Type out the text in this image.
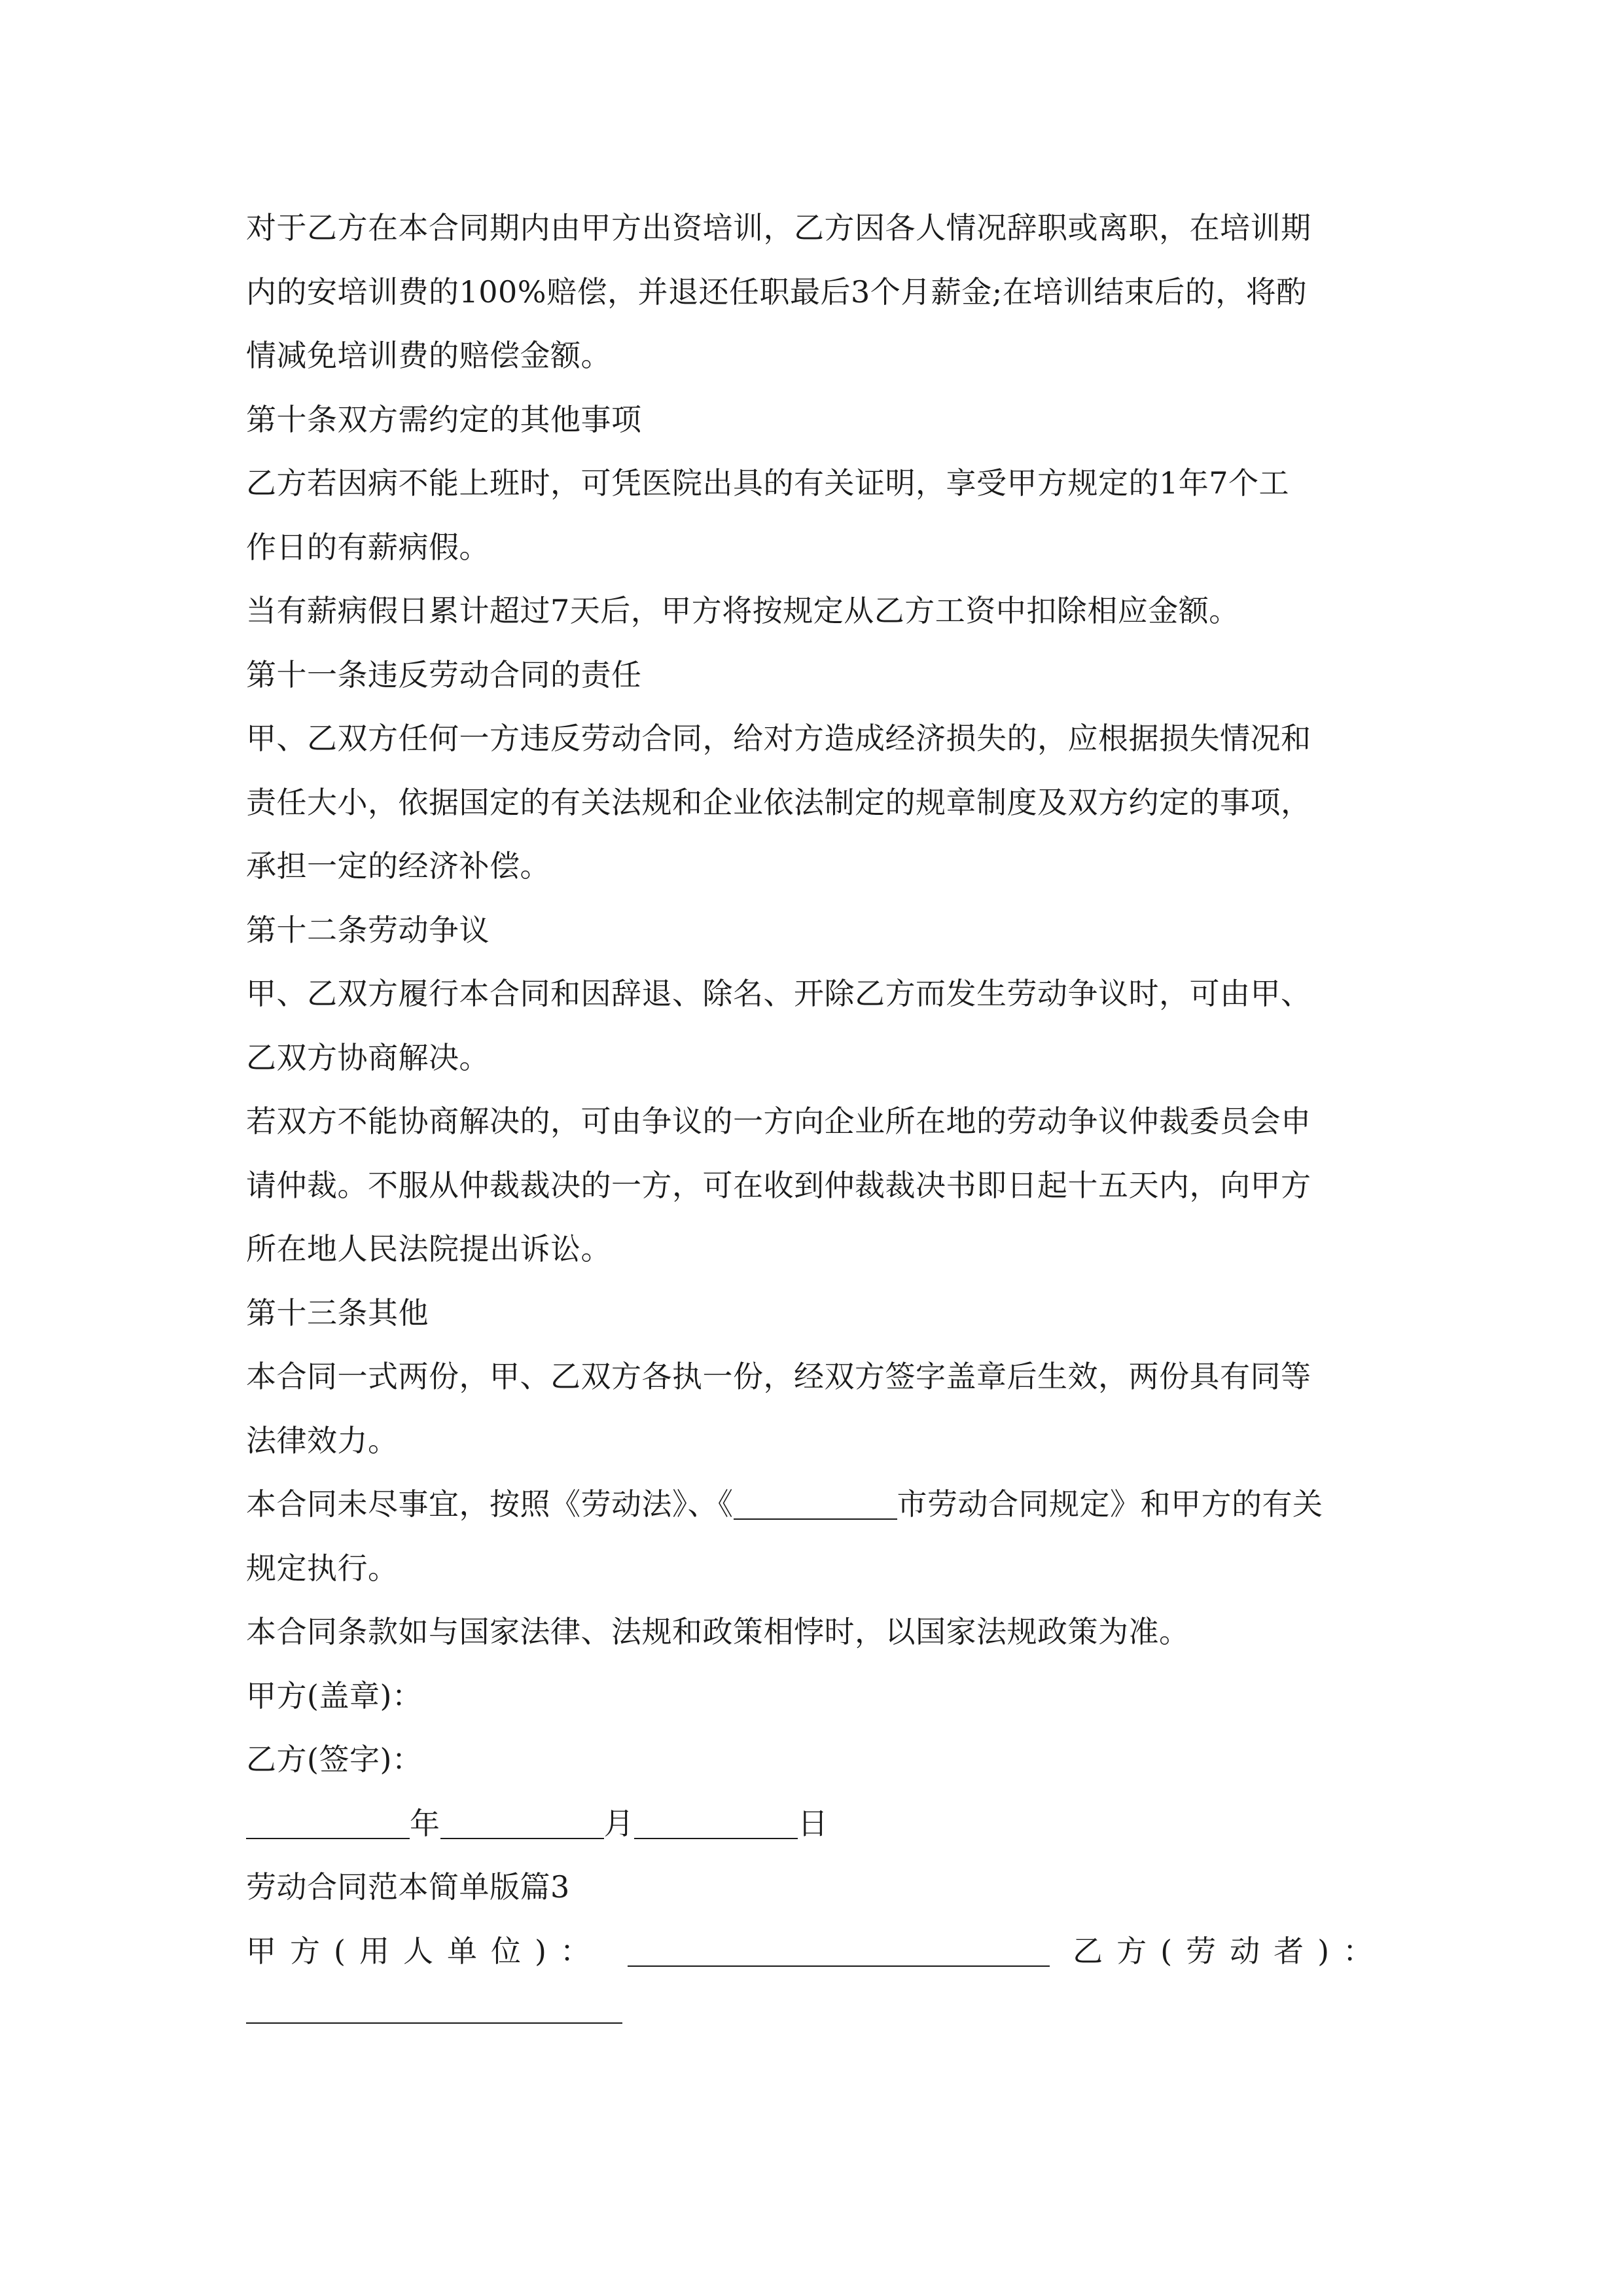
对于乙方在本合同期内由甲方出资培训，乙方因各人情况辞职或离职，在培训期
内的安培训费的100%赔偿，并退还任职最后3个月薪金;在培训结束后的，将酌
情减免培训费的赔偿金额。
第十条双方需约定的其他事项
乙方若因病不能上班时，可凭医院出具的有关证明，享受甲方规定的1年7个工
作日的有薪病假。
当有薪病假日累计超过7天后，甲方将按规定从乙方工资中扣除相应金额。
第十一条违反劳动合同的责任
甲、乙双方任何一方违反劳动合同，给对方造成经济损失的，应根据损失情况和
责任大小，依据国定的有关法规和企业依法制定的规章制度及双方约定的事项，
承担一定的经济补偿。
第十二条劳动争议
甲、乙双方履行本合同和因辞退、除名、开除乙方而发生劳动争议时，可由甲、
乙双方协商解决。
若双方不能协商解决的，可由争议的一方向企业所在地的劳动争议仲裁委员会申
请仲裁。不服从仲裁裁决的一方，可在收到仲裁裁决书即日起十五天内，向甲方
所在地人民法院提出诉讼。
第十三条其他
本合同一式两份，甲、乙双方各执一份，经双方签字盖章后生效，两份具有同等
法律效力。
本合同未尽事宜，按照《劳动法》、《	市劳动合同规定》和甲方的有关
规定执行。
本合同条款如与国家法律、法规和政策相悖时，以国家法规政策为准。
甲方(盖章)：
乙方(签字)：
年	月	日
劳动合同范本简单版篇3
甲方(用人单位)：	乙方(劳动者)：
